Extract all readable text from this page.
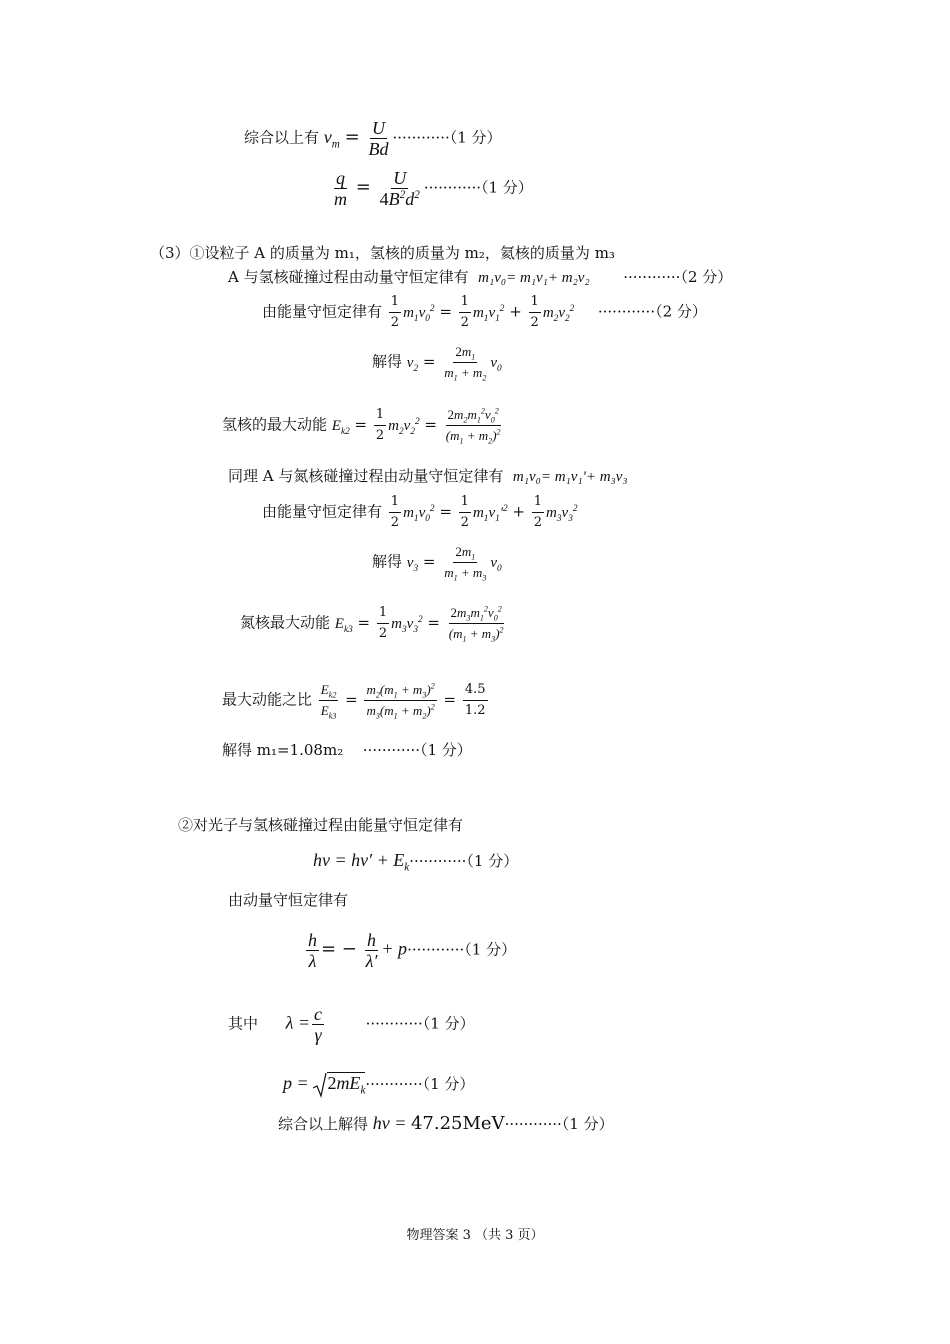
综合以上有 $v_m = \frac{U}{Bd} \cdot\cdot\cdot\cdot\cdot\cdot\cdot\cdot\cdot\cdot\cdot\cdot(1$ 分）
$\frac{q}{m} = \frac{U}{4B^2d^2} \cdot\cdot\cdot\cdot\cdot\cdot\cdot\cdot\cdot\cdot\cdot\cdot(1$ 分）
（3）①设粒子 A 的质量为 m₁，氢核的质量为 m₂，氦核的质量为 m₃
A 与氢核碰撞过程由动量守恒定律有 m₁v₀= m₁v₁+ m₂v₂ ············（2 分）
由能量守恒定律有 $\frac{1}{2} m_1v_0^2 = \frac{1}{2} m_1v_1^2 + \frac{1}{2} m_2v_2^2 \cdot\cdot\cdot\cdot\cdot\cdot\cdot\cdot\cdot\cdot\cdot\cdot(2$ 分）
解得 $v_2 = \frac{2m_1}{m_1 + m_2} v_0$
氢核的最大动能 $E_{k2} = \frac{1}{2} m_2v_2^2 = \frac{2m_2m_1^2v_0^2}{(m_1 + m_2)^2}$
同理 A 与氮核碰撞过程由动量守恒定律有 m₁v₀= m₁v₁'+ m₃v₃
由能量守恒定律有 $\frac{1}{2} m_1v_0^2 = \frac{1}{2} m_1v_1'^2 + \frac{1}{2} m_3v_3^2$
解得 $v_3 = \frac{2m_1}{m_1 + m_3} v_0$
氮核最大动能 $E_{k3} = \frac{1}{2} m_3v_3^2 = \frac{2m_3m_1^2v_0^2}{(m_1 + m_3)^2}$
最大动能之比 $\frac{E_{k2}}{E_{k3}} = \frac{m_2(m_1 + m_3)^2}{m_3(m_1 + m_2)^2} = \frac{4.5}{1.2}$
解得 m₁=1.08m₂ ············（1 分）
②对光子与氢核碰撞过程由能量守恒定律有
$h\nu = h\nu' + E_k\cdot\cdot\cdot\cdot\cdot\cdot\cdot\cdot\cdot\cdot\cdot\cdot(1$ 分）
由动量守恒定律有
$\frac{h}{\lambda}$ = − $\frac{h}{\lambda'} + p\cdot\cdot\cdot\cdot\cdot\cdot\cdot\cdot\cdot\cdot\cdot\cdot(1$ 分）
其中 $\lambda = \frac{c}{\gamma}$	············（1 分）
$p = 2mE_k\cdot\cdot\cdot\cdot\cdot\cdot\cdot\cdot\cdot\cdot\cdot\cdot(1$ 分）
综合以上解得 hν = 47.25MeV············（1 分）
物理答案 3 （共 3 页）
